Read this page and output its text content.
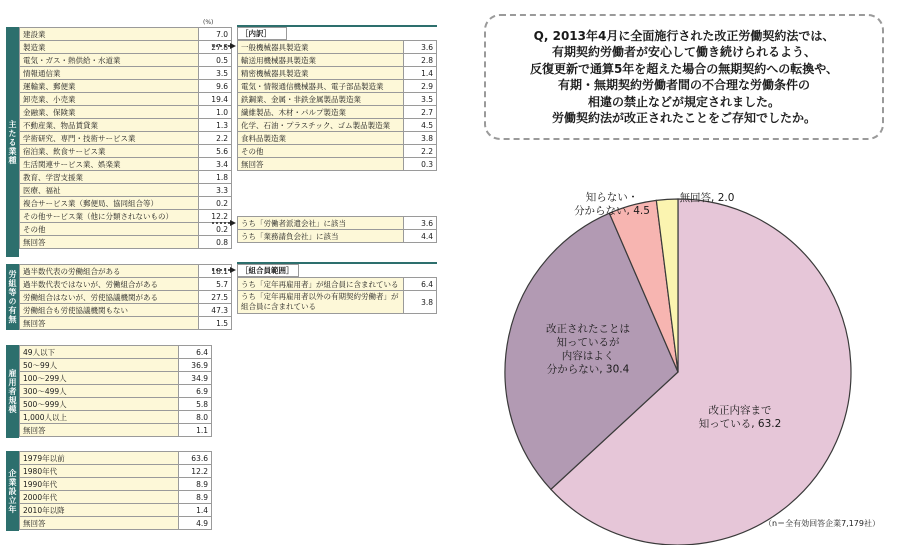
(%)
主たる業種
建設業	7.0
製造業	27.8
電気・ガス・熱供給・水道業	0.5
情報通信業	3.5
運輸業、郵便業	9.6
卸売業、小売業	19.4
金融業、保険業	1.0
不動産業、物品賃貸業	1.3
学術研究、専門・技術サービス業	2.2
宿泊業、飲食サービス業	5.6
生活関連サービス業、娯楽業	3.4
教育、学習支援業	1.8
医療、福祉	3.3
複合サービス業（郵便局、協同組合等）	0.2
その他サービス業（他に分類されないもの）	12.2
その他	0.2
無回答	0.8
労組等の有無 過半数代表の労働組合がある	18.1
過半数代表ではないが、労働組合がある	5.7
労働組合はないが、労使協議機関がある	27.5
労働組合も労使協議機関もない	47.3
無回答	1.5
雇用者規模
49人以下	6.4
50～99人	36.9
100～299人	34.9
300～499人	6.9
500～999人	5.8
1,000人以上	8.0
無回答	1.1
企業設立年
1979年以前	63.6
1980年代	12.2
1990年代	8.9
2000年代	8.9
2010年以降	1.4
無回答	4.9
［内訳］
一般機械器具製造業	3.6
輸送用機械器具製造業	2.8
精密機械器具製造業	1.4
電気・情報通信機械器具、電子部品製造業	2.9
鉄鋼業、金属・非鉄金属製品製造業	3.5
繊維製品、木材・パルプ製造業	2.7
化学、石油・プラスチック、ゴム製品製造業	4.5
食料品製造業	3.8
その他	2.2
無回答	0.3
うち「労働者派遣会社」に該当	3.6
うち「業務請負会社」に該当	4.4
［組合員範囲］
うち「定年再雇用者」が組合員に含まれている	6.4
うち「定年再雇用者以外の有期契約労働者」が組合員に含まれている	3.8
Q, 2013年4月に全面施行された改正労働契約法では、
有期契約労働者が安心して働き続けられるよう、
反復更新で通算5年を超えた場合の無期契約への転換や、
有期・無期契約労働者間の不合理な労働条件の
相違の禁止などが規定されました。
労働契約法が改正されたことをご存知でしたか。
改正内容まで知っている, 63.2
改正されたことは知っているが内容はよく分からない, 30.4
知らない・分からない, 4.5
無回答, 2.0
（n＝全有効回答企業7,179社）
